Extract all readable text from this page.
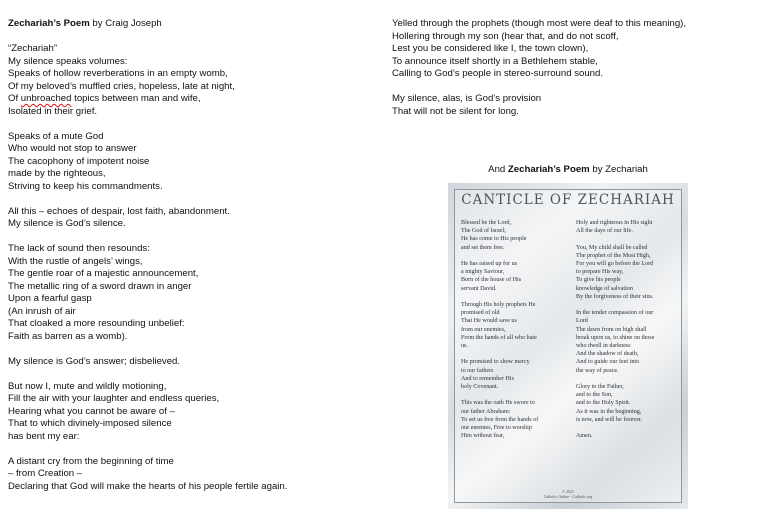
Zechariah’s Poem by Craig Joseph
“Zechariah”
My silence speaks volumes:
Speaks of hollow reverberations in an empty womb,
Of my beloved’s muffled cries, hopeless, late at night,
Of unbroached topics between man and wife,
Isolated in their grief.
Speaks of a mute God
Who would not stop to answer
The cacophony of impotent noise
made by the righteous,
Striving to keep his commandments.
All this – echoes of despair, lost faith, abandonment.
My silence is God’s silence.
The lack of sound then resounds:
With the rustle of angels’ wings,
The gentle roar of a majestic announcement,
The metallic ring of a sword drawn in anger
Upon a fearful gasp
(An inrush of air
That cloaked a more resounding unbelief:
Faith as barren as a womb).
My silence is God’s answer; disbelieved.
But now I, mute and wildly motioning,
Fill the air with your laughter and endless queries,
Hearing what you cannot be aware of –
That to which divinely-imposed silence
has bent my ear:
A distant cry from the beginning of time
– from Creation –
Declaring that God will make the hearts of his people fertile again.
Yelled through the prophets (though most were deaf to this meaning),
Hollering through my son (hear that, and do not scoff,
Lest you be considered like I, the town clown),
To announce itself shortly in a Bethlehem stable,
Calling to God’s people in stereo-surround sound.
My silence, alas, is God’s provision
That will not be silent for long.
And Zechariah’s Poem by Zechariah
CANTICLE OF ZECHARIAH
Blessed be the Lord,
The God of Israel;
He has come to His people
and set them free.
He has raised up for us
a mighty Saviour,
Born of the house of His
servant David.
Through His holy prophets He
promised of old
That He would save us
from our enemies,
From the hands of all who hate
us.
He promised to show mercy
to our fathers
And to remember His
holy Covenant.
This was the oath He swore to
our father Abraham:
To set us free from the hands of
our enemies, Free to worship
Him without fear,
Holy and righteous in His sight
All the days of our life.
You, My child shall be called
The prophet of the Most High,
For you will go before the Lord
to prepare His way,
To give his people
knowledge of salvation
By the forgiveness of their sins.
In the tender compassion of our
Lord
The dawn from on high shall
break upon us, to shine on those
who dwell in darkness
And the shadow of death,
And to guide our feet into
the way of peace.
Glory to the Father,
and to the Son,
and to the Holy Spirit.
As it was in the beginning,
is now, and will be forever.
Amen.
© 2021
Catholic Online - Catholic.org
